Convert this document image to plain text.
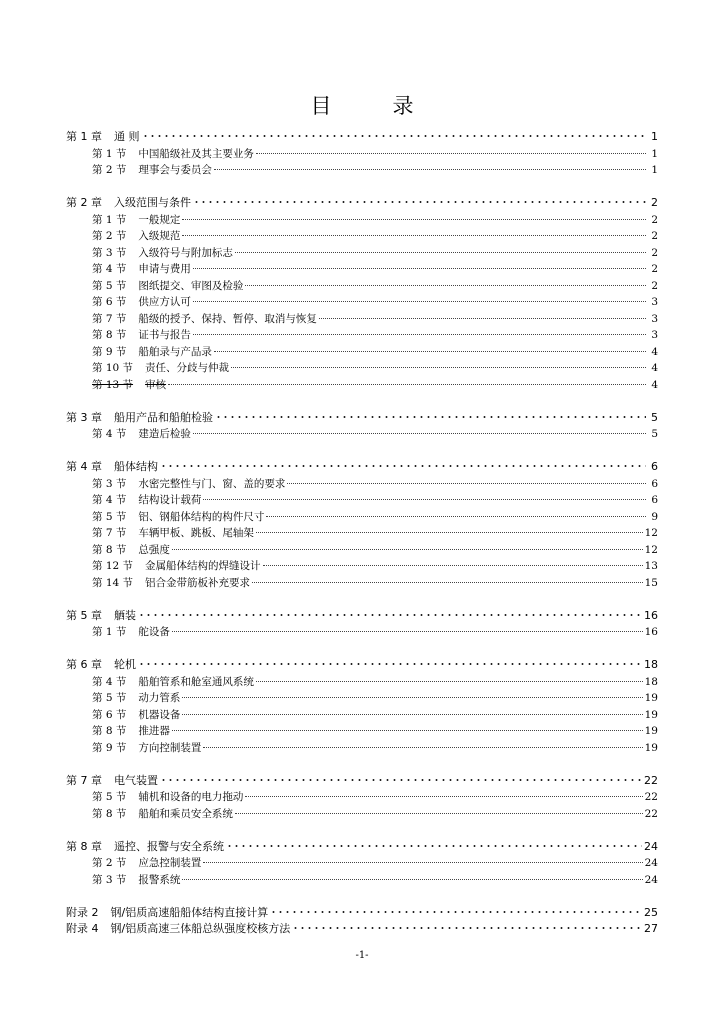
目　录
第 1 章 通 则	1
第 1 节 中国船级社及其主要业务	1
第 2 节 理事会与委员会	1
第 2 章 入级范围与条件	2
第 1 节 一般规定	2
第 2 节 入级规范	2
第 3 节 入级符号与附加标志	2
第 4 节 申请与费用	2
第 5 节 图纸提交、审图及检验	2
第 6 节 供应方认可	3
第 7 节 船级的授予、保持、暂停、取消与恢复	3
第 8 节 证书与报告	3
第 9 节 船舶录与产品录	4
第 10 节 责任、分歧与仲裁	4
第 13 节 审核	4
第 3 章 船用产品和船舶检验	5
第 4 节 建造后检验	5
第 4 章 船体结构	6
第 3 节 水密完整性与门、窗、盖的要求	6
第 4 节 结构设计载荷	6
第 5 节 铝、钢船体结构的构件尺寸	9
第 7 节 车辆甲板、跳板、尾轴架	12
第 8 节 总强度	12
第 12 节 金属船体结构的焊缝设计	13
第 14 节 铝合金带筋板补充要求	15
第 5 章 舾装	16
第 1 节 舵设备	16
第 6 章 轮机	18
第 4 节 船舶管系和舱室通风系统	18
第 5 节 动力管系	19
第 6 节 机器设备	19
第 8 节 推进器	19
第 9 节 方向控制装置	19
第 7 章 电气装置	22
第 5 节 辅机和设备的电力拖动	22
第 8 节 船舶和乘员安全系统	22
第 8 章 遥控、报警与安全系统	24
第 2 节 应急控制装置	24
第 3 节 报警系统	24
附录 2 钢/铝质高速船船体结构直接计算	25
附录 4 钢/铝质高速三体船总纵强度校核方法	27
-1-
